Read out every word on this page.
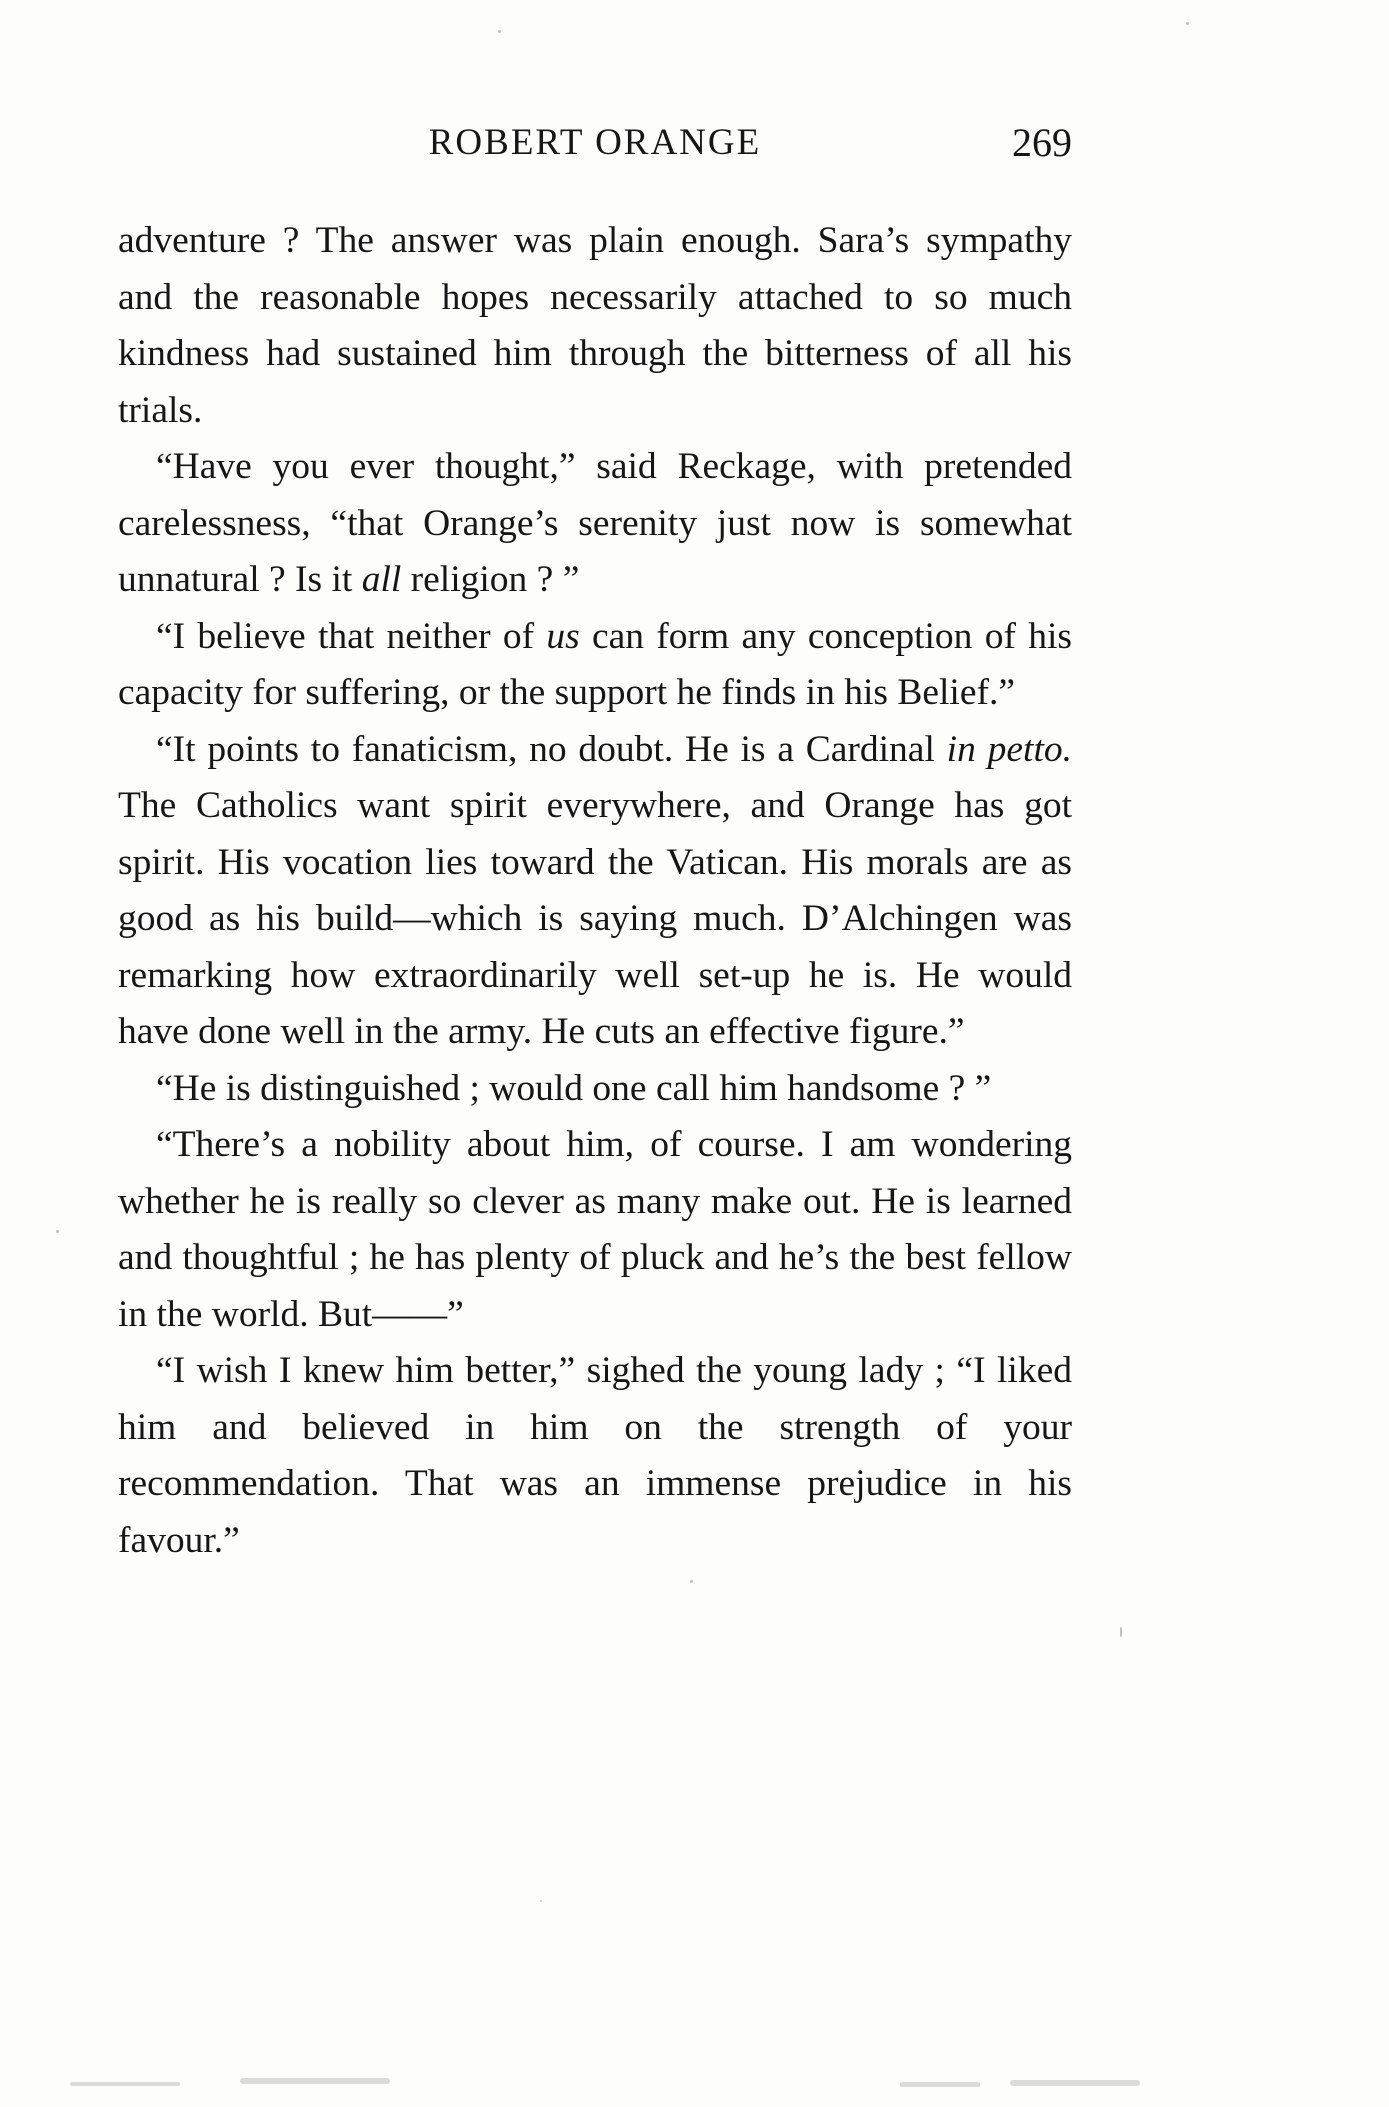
ROBERT ORANGE	269

adventure ? The answer was plain enough. Sara’s sympathy and the reasonable hopes necessarily attached to so much kindness had sustained him through the bitterness of all his trials.

“Have you ever thought,” said Reckage, with pretended carelessness, “that Orange’s serenity just now is somewhat unnatural ? Is it all religion ? ”

“I believe that neither of us can form any conception of his capacity for suffering, or the support he finds in his Belief.”

“It points to fanaticism, no doubt. He is a Cardinal in petto. The Catholics want spirit everywhere, and Orange has got spirit. His vocation lies toward the Vatican. His morals are as good as his build—which is saying much. D’Alchingen was remarking how extraordinarily well set-up he is. He would have done well in the army. He cuts an effective figure.”

“He is distinguished ; would one call him handsome ? ”

“There’s a nobility about him, of course. I am wondering whether he is really so clever as many make out. He is learned and thoughtful ; he has plenty of pluck and he’s the best fellow in the world. But——”

“I wish I knew him better,” sighed the young lady ; “I liked him and believed in him on the strength of your recommendation. That was an immense prejudice in his favour.”
